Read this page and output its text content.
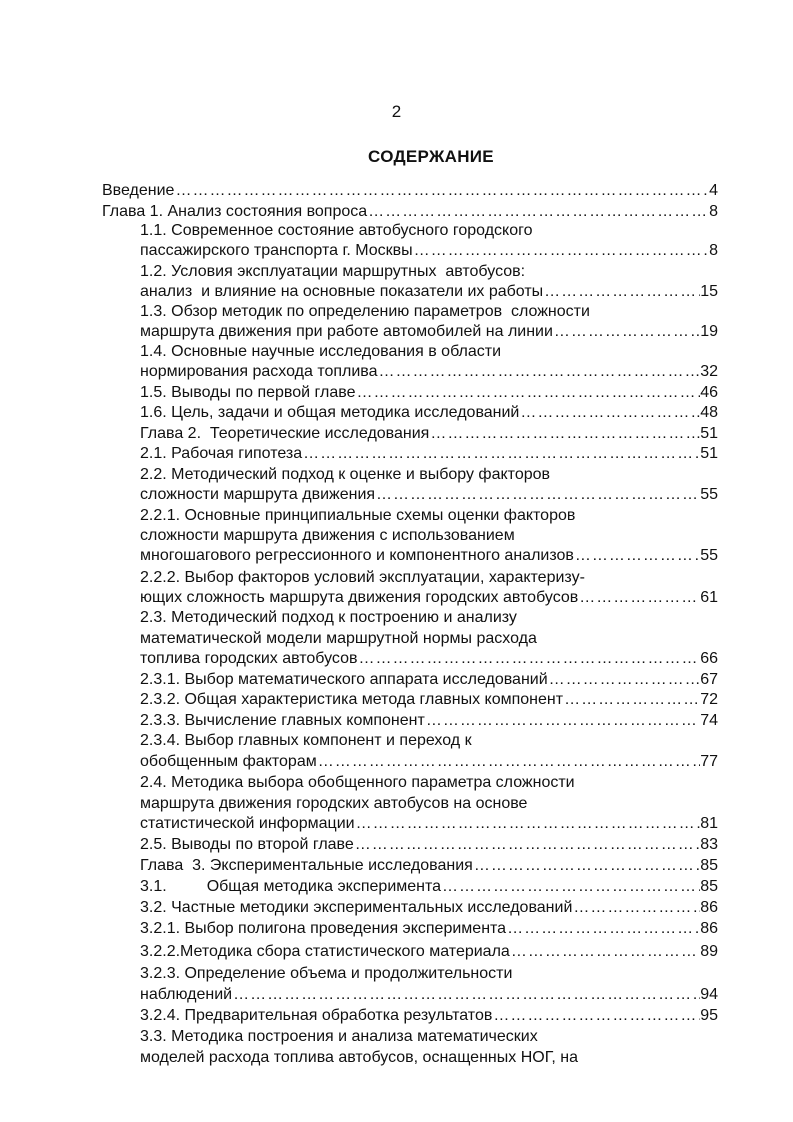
2
СОДЕРЖАНИЕ
Введение ……………………………………………………………………………………………………………………………………	4
Глава 1. Анализ состояния вопроса ……………………………………………………………………………………………………………………………………	8
1.1. Современное состояние автобусного городского
пассажирского транспорта г. Москвы ……………………………………………………………………………………………………………………………………	8
1.2. Условия эксплуатации маршрутных  автобусов:
анализ  и влияние на основные показатели их работы ……………………………………………………………………………………………………………………………………	15
1.3. Обзор методик по определению параметров  сложности
маршрута движения при работе автомобилей на линии ……………………………………………………………………………………………………………………………………	19
1.4. Основные научные исследования в области
нормирования расхода топлива ……………………………………………………………………………………………………………………………………	32
1.5. Выводы по первой главе ……………………………………………………………………………………………………………………………………	46
1.6. Цель, задачи и общая методика исследований ……………………………………………………………………………………………………………………………………	48
Глава 2.  Теоретические исследования ……………………………………………………………………………………………………………………………………	51
2.1. Рабочая гипотеза ……………………………………………………………………………………………………………………………………	51
2.2. Методический подход к оценке и выбору факторов
сложности маршрута движения ……………………………………………………………………………………………………………………………………	55
2.2.1. Основные принципиальные схемы оценки факторов
сложности маршрута движения с использованием
многошагового регрессионного и компонентного анализов ……………………………………………………………………………………………………………………………………	55
2.2.2. Выбор факторов условий эксплуатации, характеризу-
ющих сложность маршрута движения городских автобусов ……………………………………………………………………………………………………………………………………	61
2.3. Методический подход к построению и анализу
математической модели маршрутной нормы расхода
топлива городских автобусов ……………………………………………………………………………………………………………………………………	66
2.3.1. Выбор математического аппарата исследований ……………………………………………………………………………………………………………………………………	67
2.3.2. Общая характеристика метода главных компонент ……………………………………………………………………………………………………………………………………	72
2.3.3. Вычисление главных компонент ……………………………………………………………………………………………………………………………………	74
2.3.4. Выбор главных компонент и переход к
обобщенным факторам ……………………………………………………………………………………………………………………………………	77
2.4. Методика выбора обобщенного параметра сложности
маршрута движения городских автобусов на основе
статистической информации ……………………………………………………………………………………………………………………………………	81
2.5. Выводы по второй главе ……………………………………………………………………………………………………………………………………	83
Глава  3. Экспериментальные исследования ……………………………………………………………………………………………………………………………………	85
3.1.         Общая методика эксперимента ……………………………………………………………………………………………………………………………………	85
3.2. Частные методики экспериментальных исследований ……………………………………………………………………………………………………………………………………	86
3.2.1. Выбор полигона проведения эксперимента ……………………………………………………………………………………………………………………………………	86
3.2.2.Методика сбора статистического материала ……………………………………………………………………………………………………………………………………	89
3.2.3. Определение объема и продолжительности
наблюдений ……………………………………………………………………………………………………………………………………	94
3.2.4. Предварительная обработка результатов ……………………………………………………………………………………………………………………………………	95
3.3. Методика построения и анализа математических
моделей расхода топлива автобусов, оснащенных НОГ, на
